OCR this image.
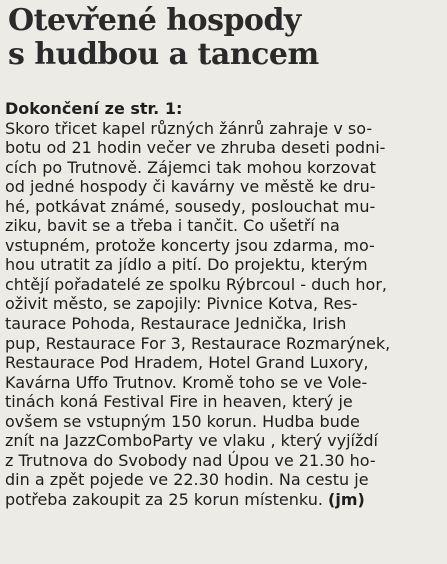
Otevřené hospody
s hudbou a tancem
Dokončení ze str. 1:
Skoro třicet kapel různých žánrů zahraje v so-
botu od 21 hodin večer ve zhruba deseti podni-
cích po Trutnově. Zájemci tak mohou korzovat
od jedné hospody či kavárny ve městě ke dru-
hé, potkávat známé, sousedy, poslouchat mu-
ziku, bavit se a třeba i tančit. Co ušetří na
vstupném, protože koncerty jsou zdarma, mo-
hou utratit za jídlo a pití. Do projektu, kterým
chtějí pořadatelé ze spolku Rýbrcoul - duch hor,
oživit město, se zapojily: Pivnice Kotva, Res-
taurace Pohoda, Restaurace Jednička, Irish
pup, Restaurace For 3, Restaurace Rozmarýnek,
Restaurace Pod Hradem, Hotel Grand Luxory,
Kavárna Uffo Trutnov. Kromě toho se ve Vole-
tinách koná Festival Fire in heaven, který je
ovšem se vstupným 150 korun. Hudba bude
znít na JazzComboParty ve vlaku , který vyjíždí
z Trutnova do Svobody nad Úpou ve 21.30 ho-
din a zpět pojede ve 22.30 hodin. Na cestu je
potřeba zakoupit za 25 korun místenku. (jm)
